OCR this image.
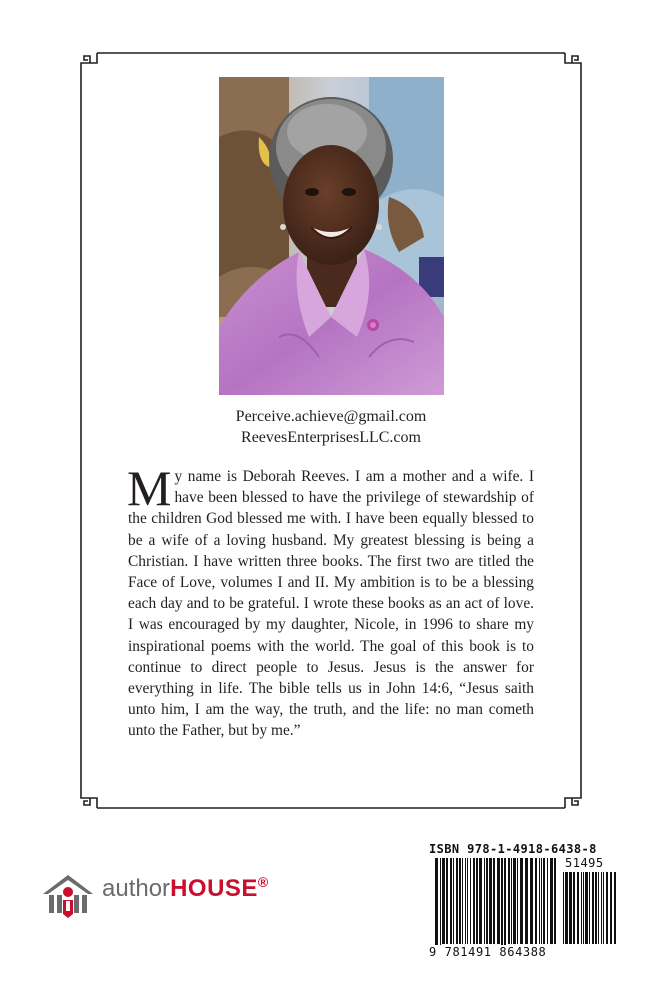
Perceive.achieve@gmail.com
ReevesEnterprisesLLC.com
My name is Deborah Reeves. I am a mother and a wife. I have been blessed to have the privilege of stewardship of the children God blessed me with. I have been equally blessed to be a wife of a loving husband. My greatest blessing is being a Christian. I have written three books. The first two are titled the Face of Love, volumes I and II. My ambition is to be a blessing each day and to be grateful. I wrote these books as an act of love. I was encouraged by my daughter, Nicole, in 1996 to share my inspirational poems with the world. The goal of this book is to continue to direct people to Jesus. Jesus is the answer for everything in life. The bible tells us in John 14:6, “Jesus saith unto him, I am the way, the truth, and the life: no man cometh unto the Father, but by me.”
authorHOUSE®
ISBN 978-1-4918-6438-8
51495
9 781491 864388
